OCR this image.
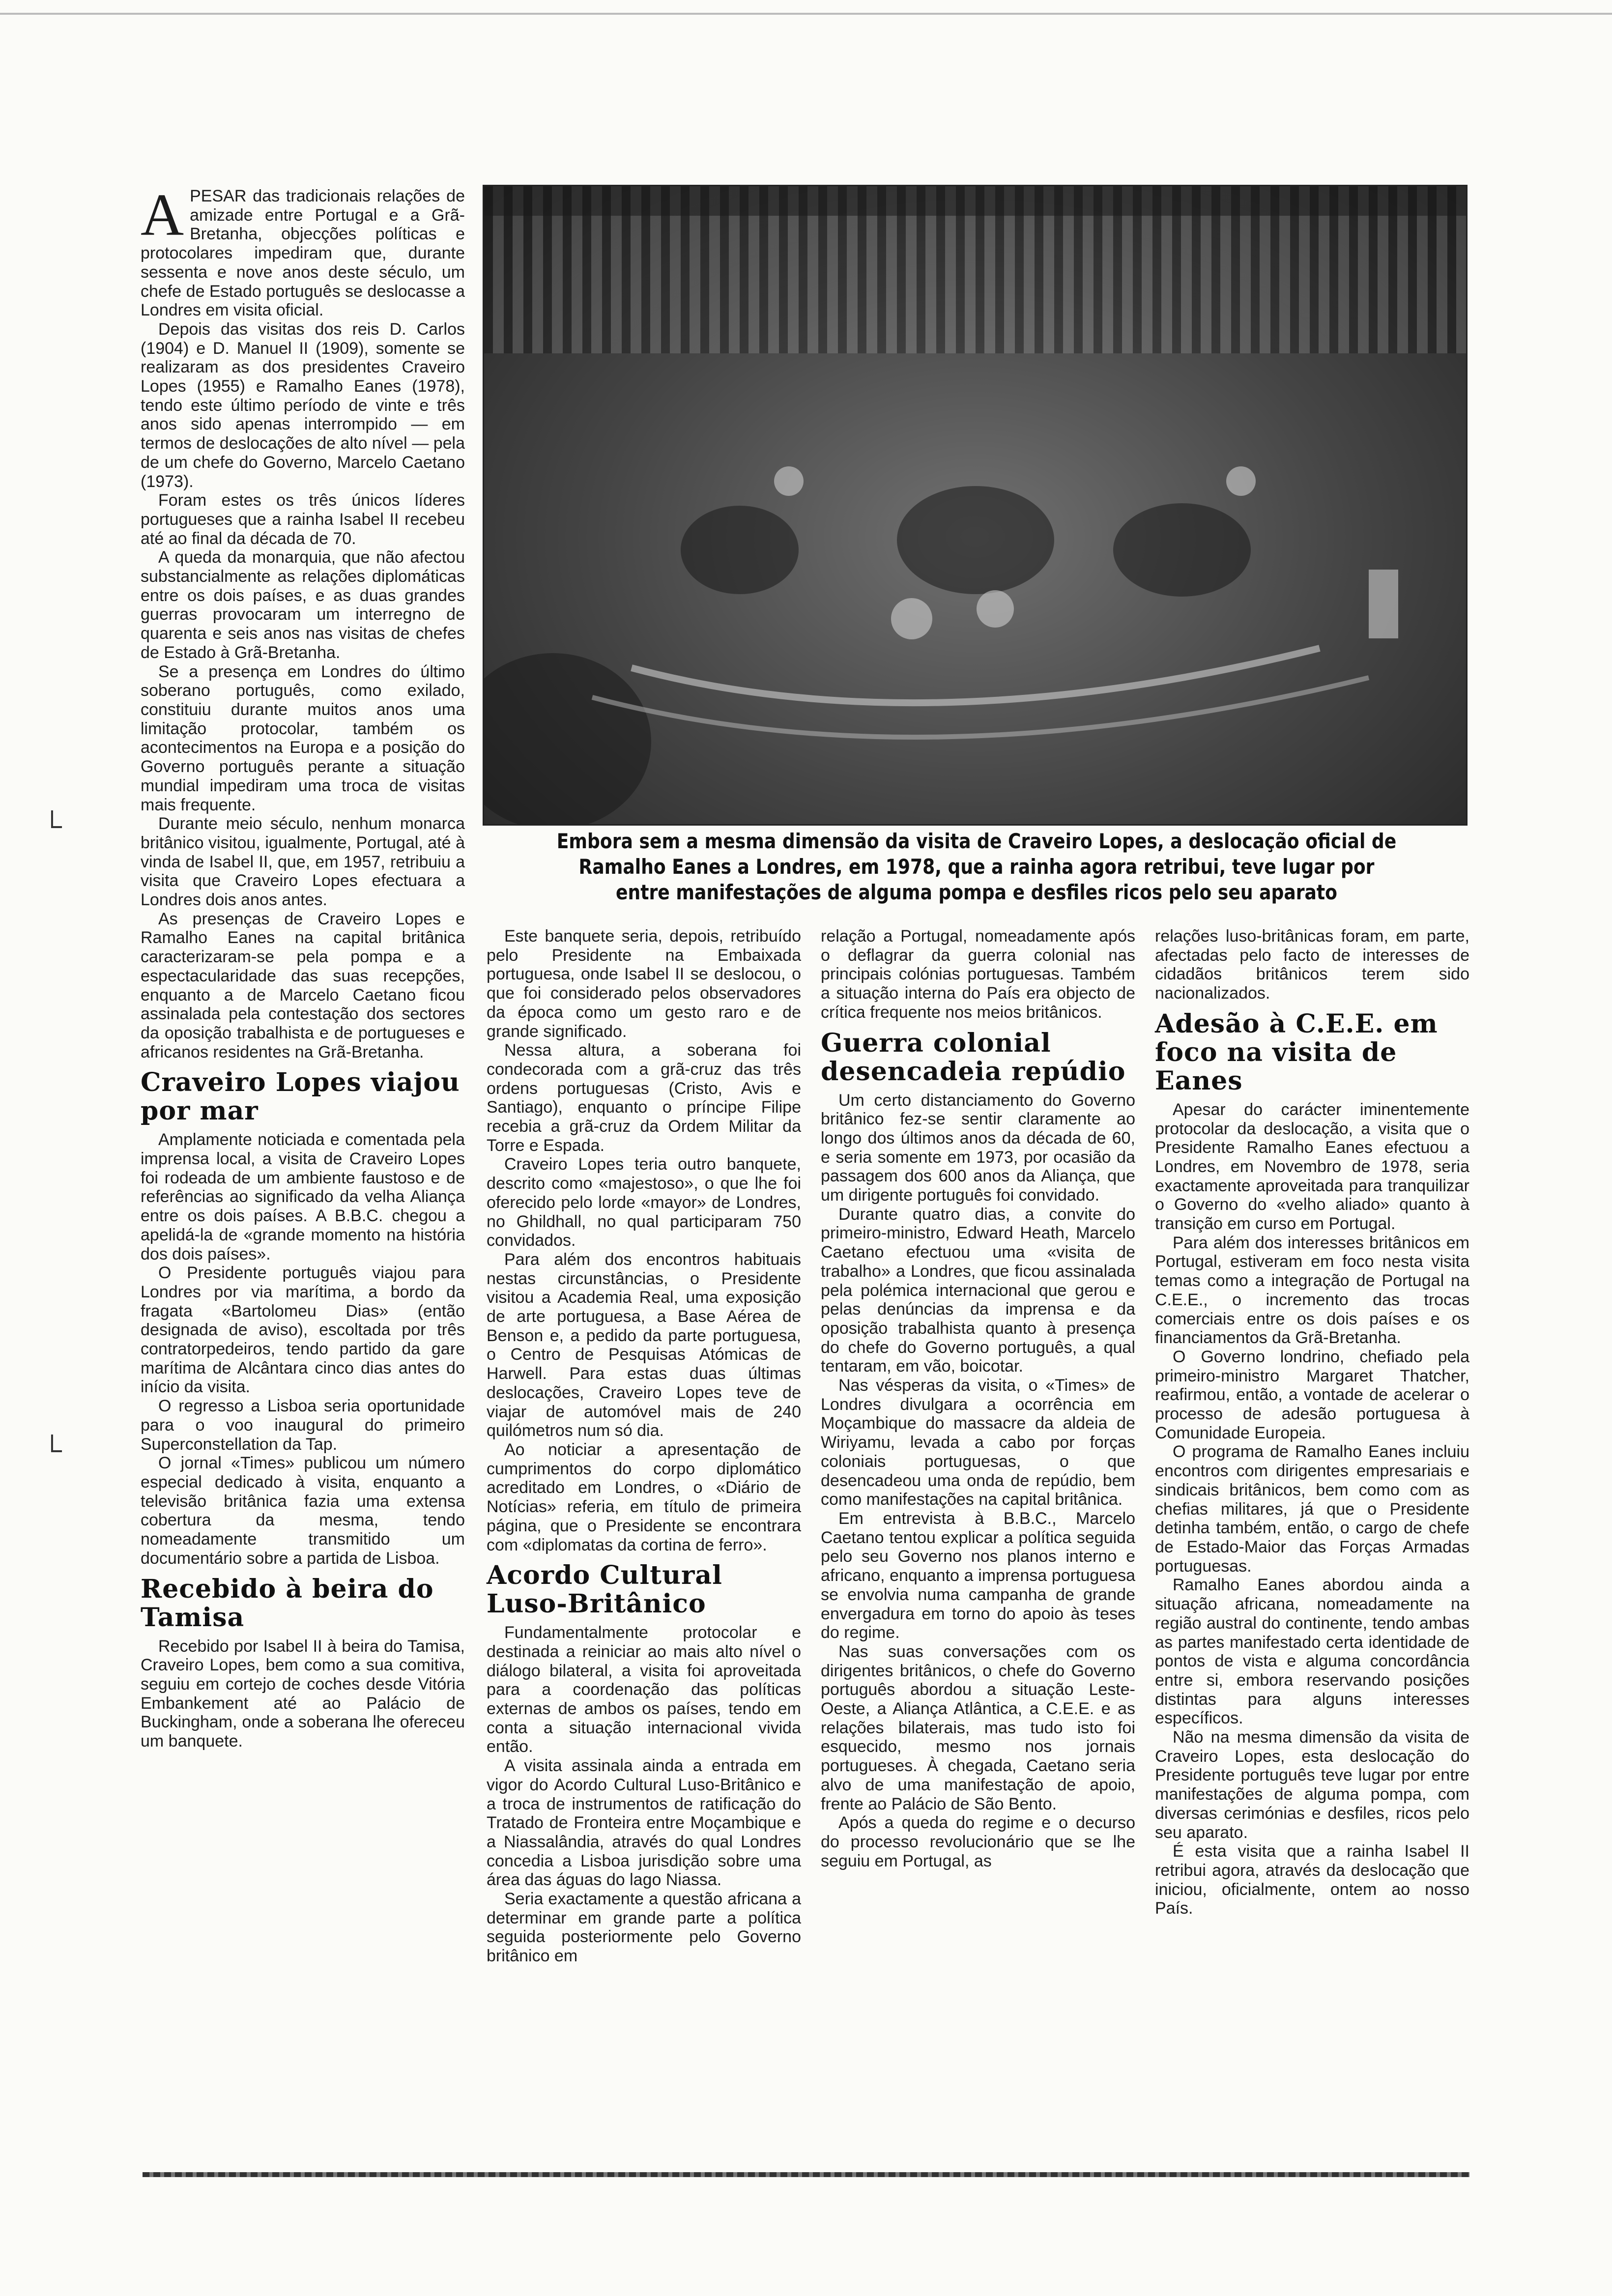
└
└

APESAR das tradicionais relações de amizade entre Portugal e a Grã-Bretanha, objecções políticas e protocolares impediram que, durante sessenta e nove anos deste século, um chefe de Estado português se deslocasse a Londres em visita oficial.

Depois das visitas dos reis D. Carlos (1904) e D. Manuel II (1909), somente se realizaram as dos presidentes Craveiro Lopes (1955) e Ramalho Eanes (1978), tendo este último período de vinte e três anos sido apenas interrompido — em termos de deslocações de alto nível — pela de um chefe do Governo, Marcelo Caetano (1973).

Foram estes os três únicos líderes portugueses que a rainha Isabel II recebeu até ao final da década de 70.

A queda da monarquia, que não afectou substancialmente as relações diplomáticas entre os dois países, e as duas grandes guerras provocaram um interregno de quarenta e seis anos nas visitas de chefes de Estado à Grã-Bretanha.

Se a presença em Londres do último soberano português, como exilado, constituiu durante muitos anos uma limitação protocolar, também os acontecimentos na Europa e a posição do Governo português perante a situação mundial impediram uma troca de visitas mais frequente.

Durante meio século, nenhum monarca britânico visitou, igualmente, Portugal, até à vinda de Isabel II, que, em 1957, retribuiu a visita que Craveiro Lopes efectuara a Londres dois anos antes.

As presenças de Craveiro Lopes e Ramalho Eanes na capital britânica caracterizaram-se pela pompa e a espectacularidade das suas recepções, enquanto a de Marcelo Caetano ficou assinalada pela contestação dos sectores da oposição trabalhista e de portugueses e africanos residentes na Grã-Bretanha.

Craveiro Lopes viajou por mar

Amplamente noticiada e comentada pela imprensa local, a visita de Craveiro Lopes foi rodeada de um ambiente faustoso e de referências ao significado da velha Aliança entre os dois países. A B.B.C. chegou a apelidá-la de «grande momento na história dos dois países».

O Presidente português viajou para Londres por via marítima, a bordo da fragata «Bartolomeu Dias» (então designada de aviso), escoltada por três contratorpedeiros, tendo partido da gare marítima de Alcântara cinco dias antes do início da visita.

O regresso a Lisboa seria oportunidade para o voo inaugural do primeiro Superconstellation da Tap.

O jornal «Times» publicou um número especial dedicado à visita, enquanto a televisão britânica fazia uma extensa cobertura da mesma, tendo nomeadamente transmitido um documentário sobre a partida de Lisboa.

Recebido à beira do Tamisa

Recebido por Isabel II à beira do Tamisa, Craveiro Lopes, bem como a sua comitiva, seguiu em cortejo de coches desde Vitória Embankement até ao Palácio de Buckingham, onde a soberana lhe ofereceu um banquete.

Embora sem a mesma dimensão da visita de Craveiro Lopes, a deslocação oficial de Ramalho Eanes a Londres, em 1978, que a rainha agora retribui, teve lugar por entre manifestações de alguma pompa e desfiles ricos pelo seu aparato

Este banquete seria, depois, retribuído pelo Presidente na Embaixada portuguesa, onde Isabel II se deslocou, o que foi considerado pelos observadores da época como um gesto raro e de grande significado.

Nessa altura, a soberana foi condecorada com a grã-cruz das três ordens portuguesas (Cristo, Avis e Santiago), enquanto o príncipe Filipe recebia a grã-cruz da Ordem Militar da Torre e Espada.

Craveiro Lopes teria outro banquete, descrito como «majestoso», o que lhe foi oferecido pelo lorde «mayor» de Londres, no Ghildhall, no qual participaram 750 convidados.

Para além dos encontros habituais nestas circunstâncias, o Presidente visitou a Academia Real, uma exposição de arte portuguesa, a Base Aérea de Benson e, a pedido da parte portuguesa, o Centro de Pesquisas Atómicas de Harwell. Para estas duas últimas deslocações, Craveiro Lopes teve de viajar de automóvel mais de 240 quilómetros num só dia.

Ao noticiar a apresentação de cumprimentos do corpo diplomático acreditado em Londres, o «Diário de Notícias» referia, em título de primeira página, que o Presidente se encontrara com «diplomatas da cortina de ferro».

Acordo Cultural Luso-Britânico

Fundamentalmente protocolar e destinada a reiniciar ao mais alto nível o diálogo bilateral, a visita foi aproveitada para a coordenação das políticas externas de ambos os países, tendo em conta a situação internacional vivida então.

A visita assinala ainda a entrada em vigor do Acordo Cultural Luso-Britânico e a troca de instrumentos de ratificação do Tratado de Fronteira entre Moçambique e a Niassalândia, através do qual Londres concedia a Lisboa jurisdição sobre uma área das águas do lago Niassa.

Seria exactamente a questão africana a determinar em grande parte a política seguida posteriormente pelo Governo britânico em

relação a Portugal, nomeadamente após o deflagrar da guerra colonial nas principais colónias portuguesas. Também a situação interna do País era objecto de crítica frequente nos meios britânicos.

Guerra colonial desencadeia repúdio

Um certo distanciamento do Governo britânico fez-se sentir claramente ao longo dos últimos anos da década de 60, e seria somente em 1973, por ocasião da passagem dos 600 anos da Aliança, que um dirigente português foi convidado.

Durante quatro dias, a convite do primeiro-ministro, Edward Heath, Marcelo Caetano efectuou uma «visita de trabalho» a Londres, que ficou assinalada pela polémica internacional que gerou e pelas denúncias da imprensa e da oposição trabalhista quanto à presença do chefe do Governo português, a qual tentaram, em vão, boicotar.

Nas vésperas da visita, o «Times» de Londres divulgara a ocorrência em Moçambique do massacre da aldeia de Wiriyamu, levada a cabo por forças coloniais portuguesas, o que desencadeou uma onda de repúdio, bem como manifestações na capital britânica.

Em entrevista à B.B.C., Marcelo Caetano tentou explicar a política seguida pelo seu Governo nos planos interno e africano, enquanto a imprensa portuguesa se envolvia numa campanha de grande envergadura em torno do apoio às teses do regime.

Nas suas conversações com os dirigentes britânicos, o chefe do Governo português abordou a situação Leste-Oeste, a Aliança Atlântica, a C.E.E. e as relações bilaterais, mas tudo isto foi esquecido, mesmo nos jornais portugueses. À chegada, Caetano seria alvo de uma manifestação de apoio, frente ao Palácio de São Bento.

Após a queda do regime e o decurso do processo revolucionário que se lhe seguiu em Portugal, as

relações luso-britânicas foram, em parte, afectadas pelo facto de interesses de cidadãos britânicos terem sido nacionalizados.

Adesão à C.E.E. em foco na visita de Eanes

Apesar do carácter iminentemente protocolar da deslocação, a visita que o Presidente Ramalho Eanes efectuou a Londres, em Novembro de 1978, seria exactamente aproveitada para tranquilizar o Governo do «velho aliado» quanto à transição em curso em Portugal.

Para além dos interesses britânicos em Portugal, estiveram em foco nesta visita temas como a integração de Portugal na C.E.E., o incremento das trocas comerciais entre os dois países e os financiamentos da Grã-Bretanha.

O Governo londrino, chefiado pela primeiro-ministro Margaret Thatcher, reafirmou, então, a vontade de acelerar o processo de adesão portuguesa à Comunidade Europeia.

O programa de Ramalho Eanes incluiu encontros com dirigentes empresariais e sindicais britânicos, bem como com as chefias militares, já que o Presidente detinha também, então, o cargo de chefe de Estado-Maior das Forças Armadas portuguesas.

Ramalho Eanes abordou ainda a situação africana, nomeadamente na região austral do continente, tendo ambas as partes manifestado certa identidade de pontos de vista e alguma concordância entre si, embora reservando posições distintas para alguns interesses específicos.

Não na mesma dimensão da visita de Craveiro Lopes, esta deslocação do Presidente português teve lugar por entre manifestações de alguma pompa, com diversas cerimónias e desfiles, ricos pelo seu aparato.

É esta visita que a rainha Isabel II retribui agora, através da deslocação que iniciou, oficialmente, ontem ao nosso País.
